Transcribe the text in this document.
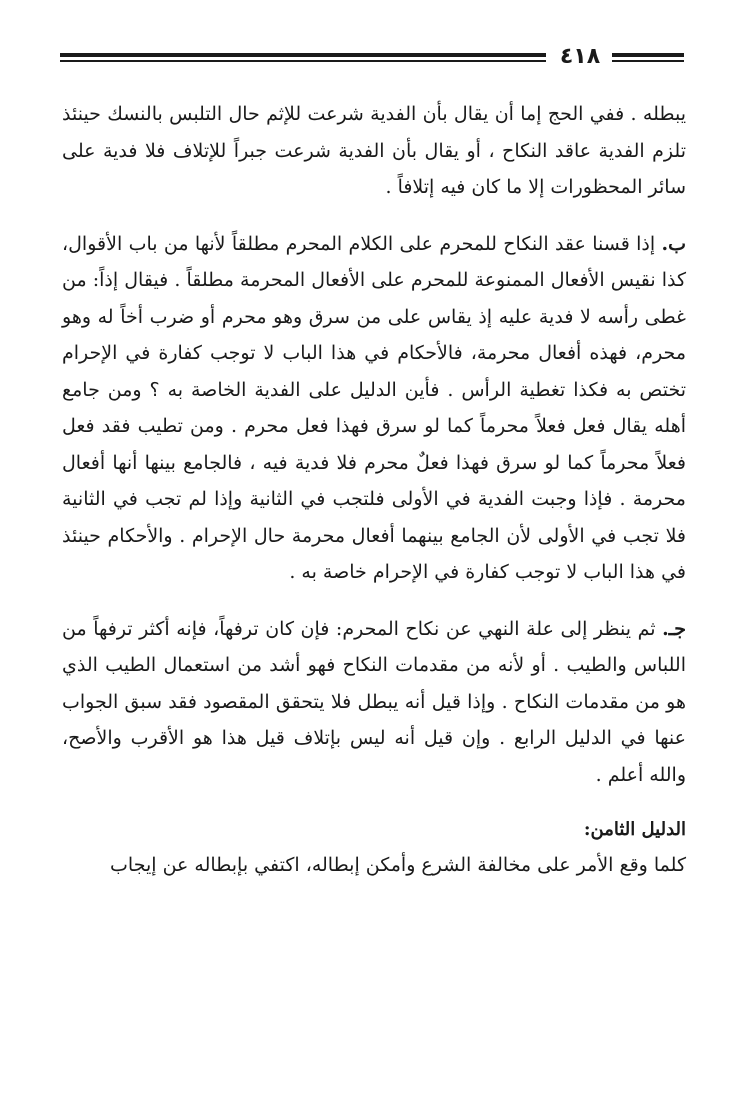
٤١٨

يبطله . ففي الحج إما أن يقال بأن الفدية شرعت للإثم حال التلبس بالنسك حينئذ تلزم الفدية عاقد النكاح ، أو يقال بأن الفدية شرعت جبراً للإتلاف فلا فدية على سائر المحظورات إلا ما كان فيه إتلافاً .

ب. إذا قسنا عقد النكاح للمحرم على الكلام المحرم مطلقاً لأنها من باب الأقوال، كذا نقيس الأفعال الممنوعة للمحرم على الأفعال المحرمة مطلقاً . فيقال إذاً: من غطى رأسه لا فدية عليه إذ يقاس على من سرق وهو محرم أو ضرب أخاً له وهو محرم، فهذه أفعال محرمة، فالأحكام في هذا الباب لا توجب كفارة في الإحرام تختص به فكذا تغطية الرأس . فأين الدليل على الفدية الخاصة به ؟ ومن جامع أهله يقال فعل فعلاً محرماً كما لو سرق فهذا فعل محرم . ومن تطيب فقد فعل فعلاً محرماً كما لو سرق فهذا فعلٌ محرم فلا فدية فيه ، فالجامع بينها أنها أفعال محرمة . فإذا وجبت الفدية في الأولى فلتجب في الثانية وإذا لم تجب في الثانية فلا تجب في الأولى لأن الجامع بينهما أفعال محرمة حال الإحرام . والأحكام حينئذ في هذا الباب لا توجب كفارة في الإحرام خاصة به .

جـ. ثم ينظر إلى علة النهي عن نكاح المحرم: فإن كان ترفهاً، فإنه أكثر ترفهاً من اللباس والطيب . أو لأنه من مقدمات النكاح فهو أشد من استعمال الطيب الذي هو من مقدمات النكاح . وإذا قيل أنه يبطل فلا يتحقق المقصود فقد سبق الجواب عنها في الدليل الرابع . وإن قيل أنه ليس بإتلاف قيل هذا هو الأقرب والأصح، والله أعلم .

الدليل الثامن:

كلما وقع الأمر على مخالفة الشرع وأمكن إبطاله، اكتفي بإبطاله عن إيجاب
